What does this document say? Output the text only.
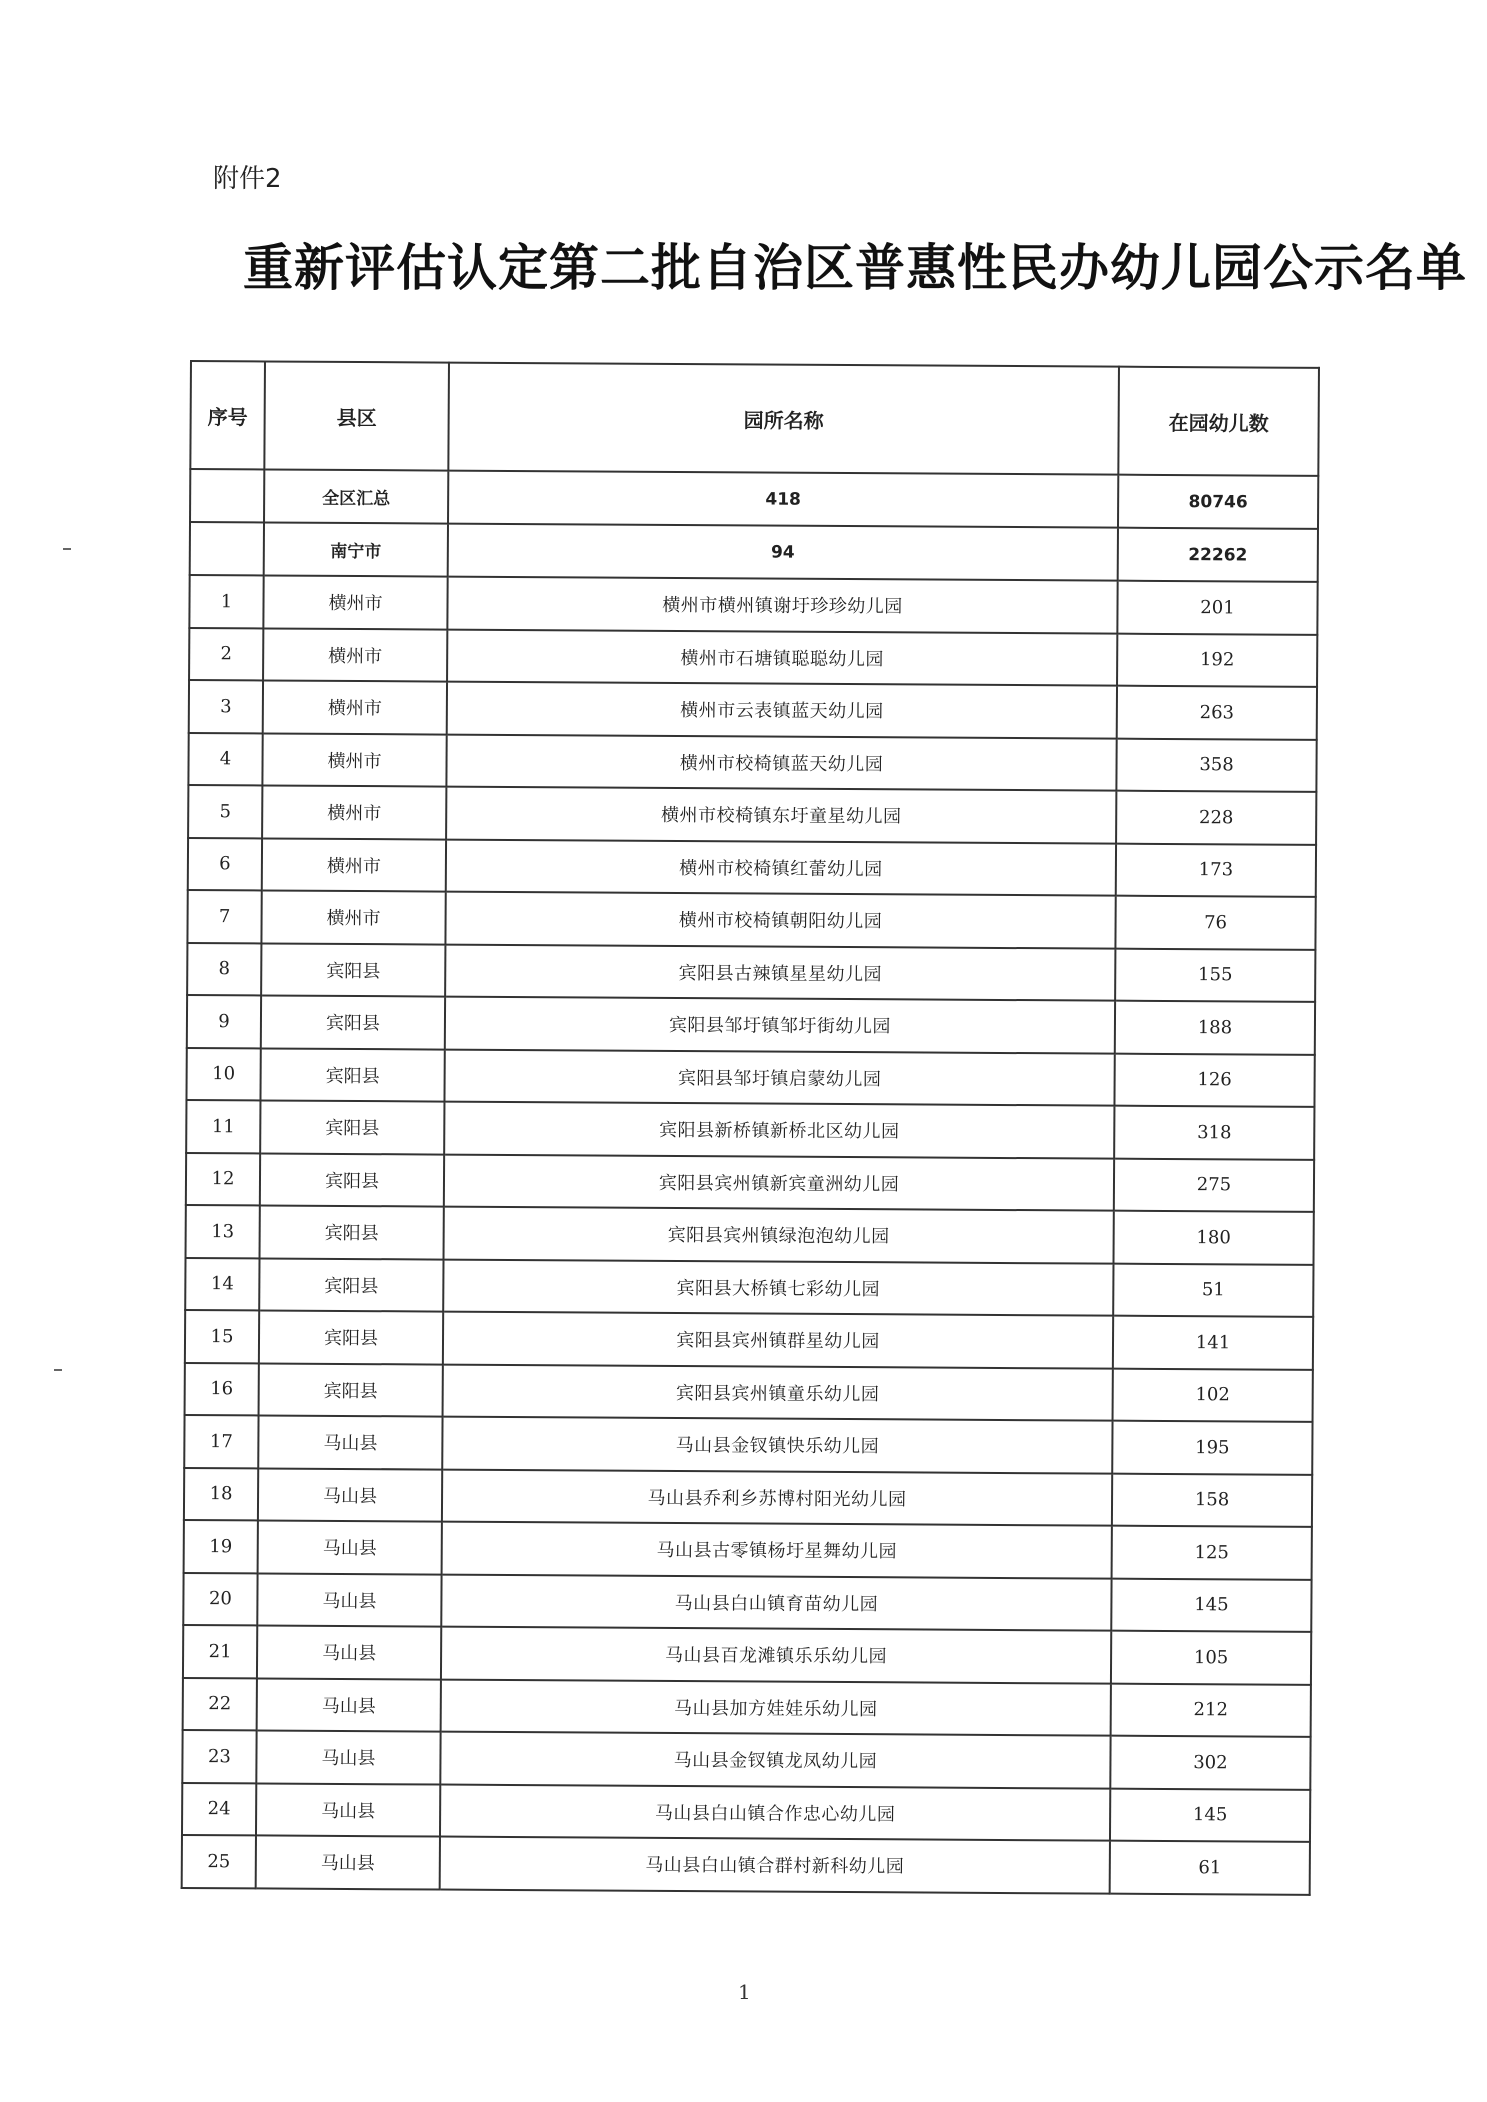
附件2
重新评估认定第二批自治区普惠性民办幼儿园公示名单
序号	县区	园所名称	在园幼儿数
	全区汇总	418	80746
	南宁市	94	22262
1	横州市	横州市横州镇谢圩珍珍幼儿园	201
2	横州市	横州市石塘镇聪聪幼儿园	192
3	横州市	横州市云表镇蓝天幼儿园	263
4	横州市	横州市校椅镇蓝天幼儿园	358
5	横州市	横州市校椅镇东圩童星幼儿园	228
6	横州市	横州市校椅镇红蕾幼儿园	173
7	横州市	横州市校椅镇朝阳幼儿园	76
8	宾阳县	宾阳县古辣镇星星幼儿园	155
9	宾阳县	宾阳县邹圩镇邹圩街幼儿园	188
10	宾阳县	宾阳县邹圩镇启蒙幼儿园	126
11	宾阳县	宾阳县新桥镇新桥北区幼儿园	318
12	宾阳县	宾阳县宾州镇新宾童洲幼儿园	275
13	宾阳县	宾阳县宾州镇绿泡泡幼儿园	180
14	宾阳县	宾阳县大桥镇七彩幼儿园	51
15	宾阳县	宾阳县宾州镇群星幼儿园	141
16	宾阳县	宾阳县宾州镇童乐幼儿园	102
17	马山县	马山县金钗镇快乐幼儿园	195
18	马山县	马山县乔利乡苏博村阳光幼儿园	158
19	马山县	马山县古零镇杨圩星舞幼儿园	125
20	马山县	马山县白山镇育苗幼儿园	145
21	马山县	马山县百龙滩镇乐乐幼儿园	105
22	马山县	马山县加方娃娃乐幼儿园	212
23	马山县	马山县金钗镇龙凤幼儿园	302
24	马山县	马山县白山镇合作忠心幼儿园	145
25	马山县	马山县白山镇合群村新科幼儿园	61
1
